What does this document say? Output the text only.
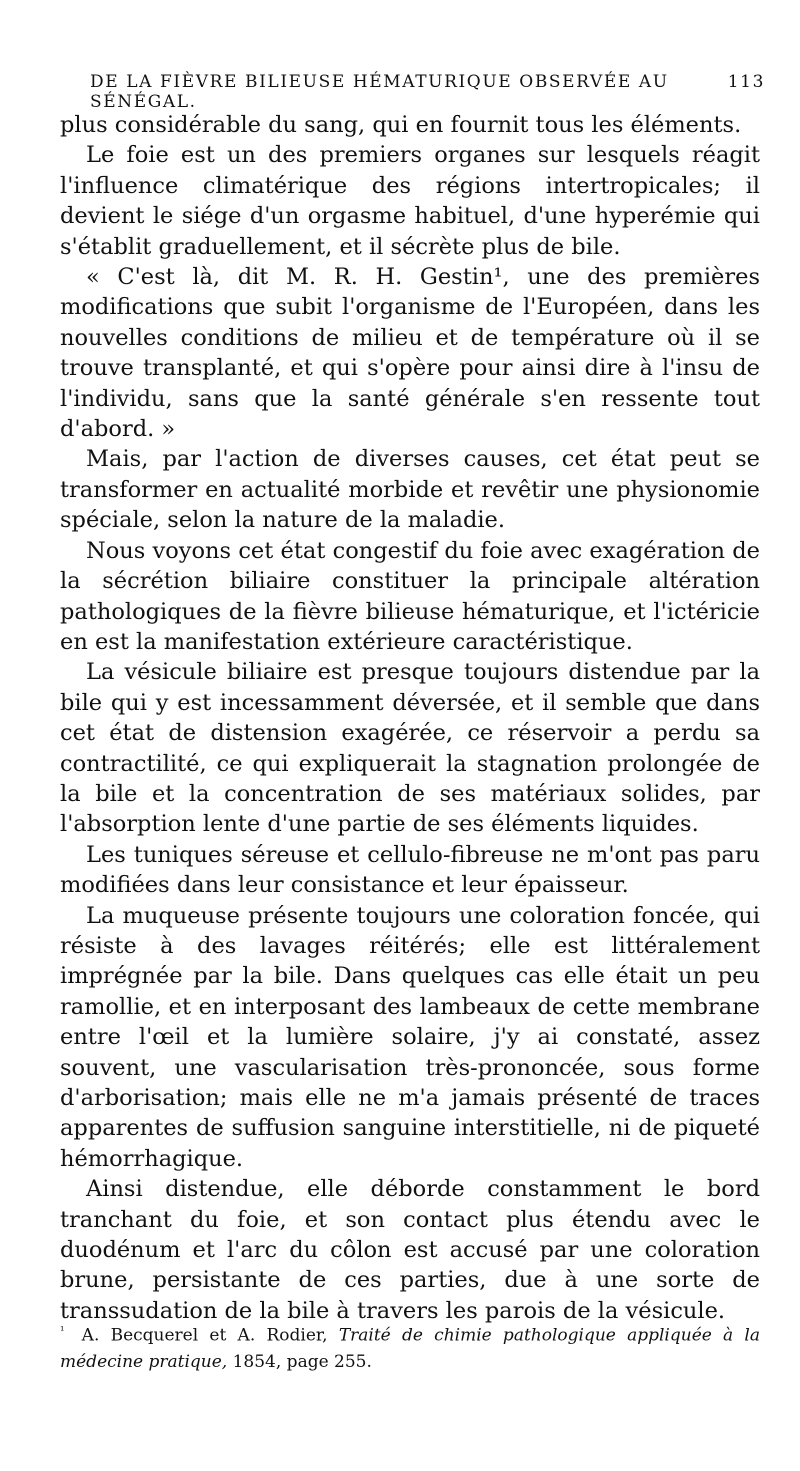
DE LA FIÈVRE BILIEUSE HÉMATURIQUE OBSERVÉE AU SÉNÉGAL.
113

plus considérable du sang, qui en fournit tous les éléments.

Le foie est un des premiers organes sur lesquels réagit l'influence climatérique des régions intertropicales; il devient le siége d'un orgasme habituel, d'une hyperémie qui s'établit graduellement, et il sécrète plus de bile.

« C'est là, dit M. R. H. Gestin¹, une des premières modifications que subit l'organisme de l'Européen, dans les nouvelles conditions de milieu et de température où il se trouve transplanté, et qui s'opère pour ainsi dire à l'insu de l'individu, sans que la santé générale s'en ressente tout d'abord. »

Mais, par l'action de diverses causes, cet état peut se transformer en actualité morbide et revêtir une physionomie spéciale, selon la nature de la maladie.

Nous voyons cet état congestif du foie avec exagération de la sécrétion biliaire constituer la principale altération pathologiques de la fièvre bilieuse hématurique, et l'ictéricie en est la manifestation extérieure caractéristique.

La vésicule biliaire est presque toujours distendue par la bile qui y est incessamment déversée, et il semble que dans cet état de distension exagérée, ce réservoir a perdu sa contractilité, ce qui expliquerait la stagnation prolongée de la bile et la concentration de ses matériaux solides, par l'absorption lente d'une partie de ses éléments liquides.

Les tuniques séreuse et cellulo-fibreuse ne m'ont pas paru modifiées dans leur consistance et leur épaisseur.

La muqueuse présente toujours une coloration foncée, qui résiste à des lavages réitérés; elle est littéralement imprégnée par la bile. Dans quelques cas elle était un peu ramollie, et en interposant des lambeaux de cette membrane entre l'œil et la lumière solaire, j'y ai constaté, assez souvent, une vascularisation très-prononcée, sous forme d'arborisation; mais elle ne m'a jamais présenté de traces apparentes de suffusion sanguine interstitielle, ni de piqueté hémorrhagique.

Ainsi distendue, elle déborde constamment le bord tranchant du foie, et son contact plus étendu avec le duodénum et l'arc du côlon est accusé par une coloration brune, persistante de ces parties, due à une sorte de transsudation de la bile à travers les parois de la vésicule.

$^{^1}$ A. Becquerel et A. Rodier, Traité de chimie pathologique appliquée à la médecine pratique, 1854, page 255.
